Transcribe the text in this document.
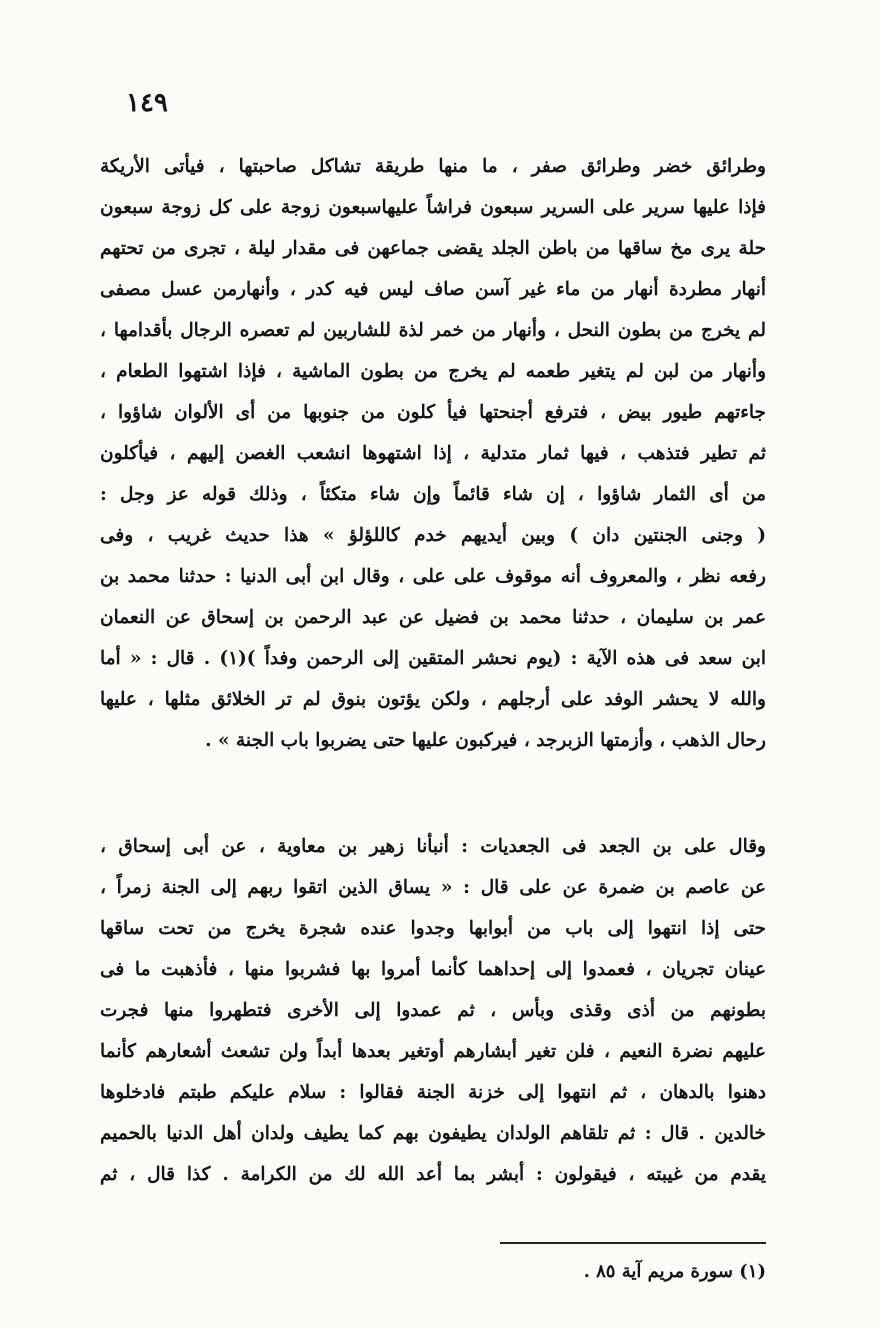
١٤٩
وطرائق خضر وطرائق صفر ، ما منها طريقة تشاكل صاحبتها ، فيأتى الأريكة
فإذا عليها سرير على السرير سبعون فراشاً عليهاسبعون زوجة على كل زوجة سبعون
حلة يرى مخ ساقها من باطن الجلد يقضى جماعهن فى مقدار ليلة ، تجرى من تحتهم
أنهار مطردة أنهار من ماء غير آسن صاف ليس فيه كدر ، وأنهارمن عسل مصفى
لم يخرج من بطون النحل ، وأنهار من خمر لذة للشاربين لم تعصره الرجال بأقدامها ،
وأنهار من لبن لم يتغير طعمه لم يخرج من بطون الماشية ، فإذا اشتهوا الطعام ،
جاءتهم طيور بيض ، فترفع أجنحتها فيأ كلون من جنوبها من أى الألوان شاؤوا ،
ثم تطير فتذهب ، فيها ثمار متدلية ، إذا اشتهوها انشعب الغصن إليهم ، فيأكلون
من أى الثمار شاؤوا ، إن شاء قائماً وإن شاء متكئاً ، وذلك قوله عز وجل :
( وجنى الجنتين دان ) وبين أيديهم خدم كاللؤلؤ » هذا حديث غريب ، وفى
رفعه نظر ، والمعروف أنه موقوف على على ، وقال ابن أبى الدنيا : حدثنا محمد بن
عمر بن سليمان ، حدثنا محمد بن فضيل عن عبد الرحمن بن إسحاق عن النعمان
ابن سعد فى هذه الآية : (يوم نحشر المتقين إلى الرحمن وفداً )(١) . قال : « أما
والله لا يحشر الوفد على أرجلهم ، ولكن يؤتون بنوق لم تر الخلائق مثلها ، عليها
رحال الذهب ، وأزمتها الزبرجد ، فيركبون عليها حتى يضربوا باب الجنة » .
وقال على بن الجعد فى الجعديات : أنبأنا زهير بن معاوية ، عن أبى إسحاق ،
عن عاصم بن ضمرة عن على قال : « يساق الذين اتقوا ربهم إلى الجنة زمراً ،
حتى إذا انتهوا إلى باب من أبوابها وجدوا عنده شجرة يخرج من تحت ساقها
عينان تجريان ، فعمدوا إلى إحداهما كأنما أمروا بها فشربوا منها ، فأذهبت ما فى
بطونهم من أذى وقذى وبأس ، ثم عمدوا إلى الأخرى فتطهروا منها فجرت
عليهم نضرة النعيم ، فلن تغير أبشارهم أوتغير بعدها أبداً ولن تشعث أشعارهم كأنما
دهنوا بالدهان ، ثم انتهوا إلى خزنة الجنة فقالوا : سلام عليكم طبتم فادخلوها
خالدين . قال : ثم تلقاهم الولدان يطيفون بهم كما يطيف ولدان أهل الدنيا بالحميم
يقدم من غيبته ، فيقولون : أبشر بما أعد الله لك من الكرامة . كذا قال ، ثم
(١) سورة مريم آية ٨٥ .
